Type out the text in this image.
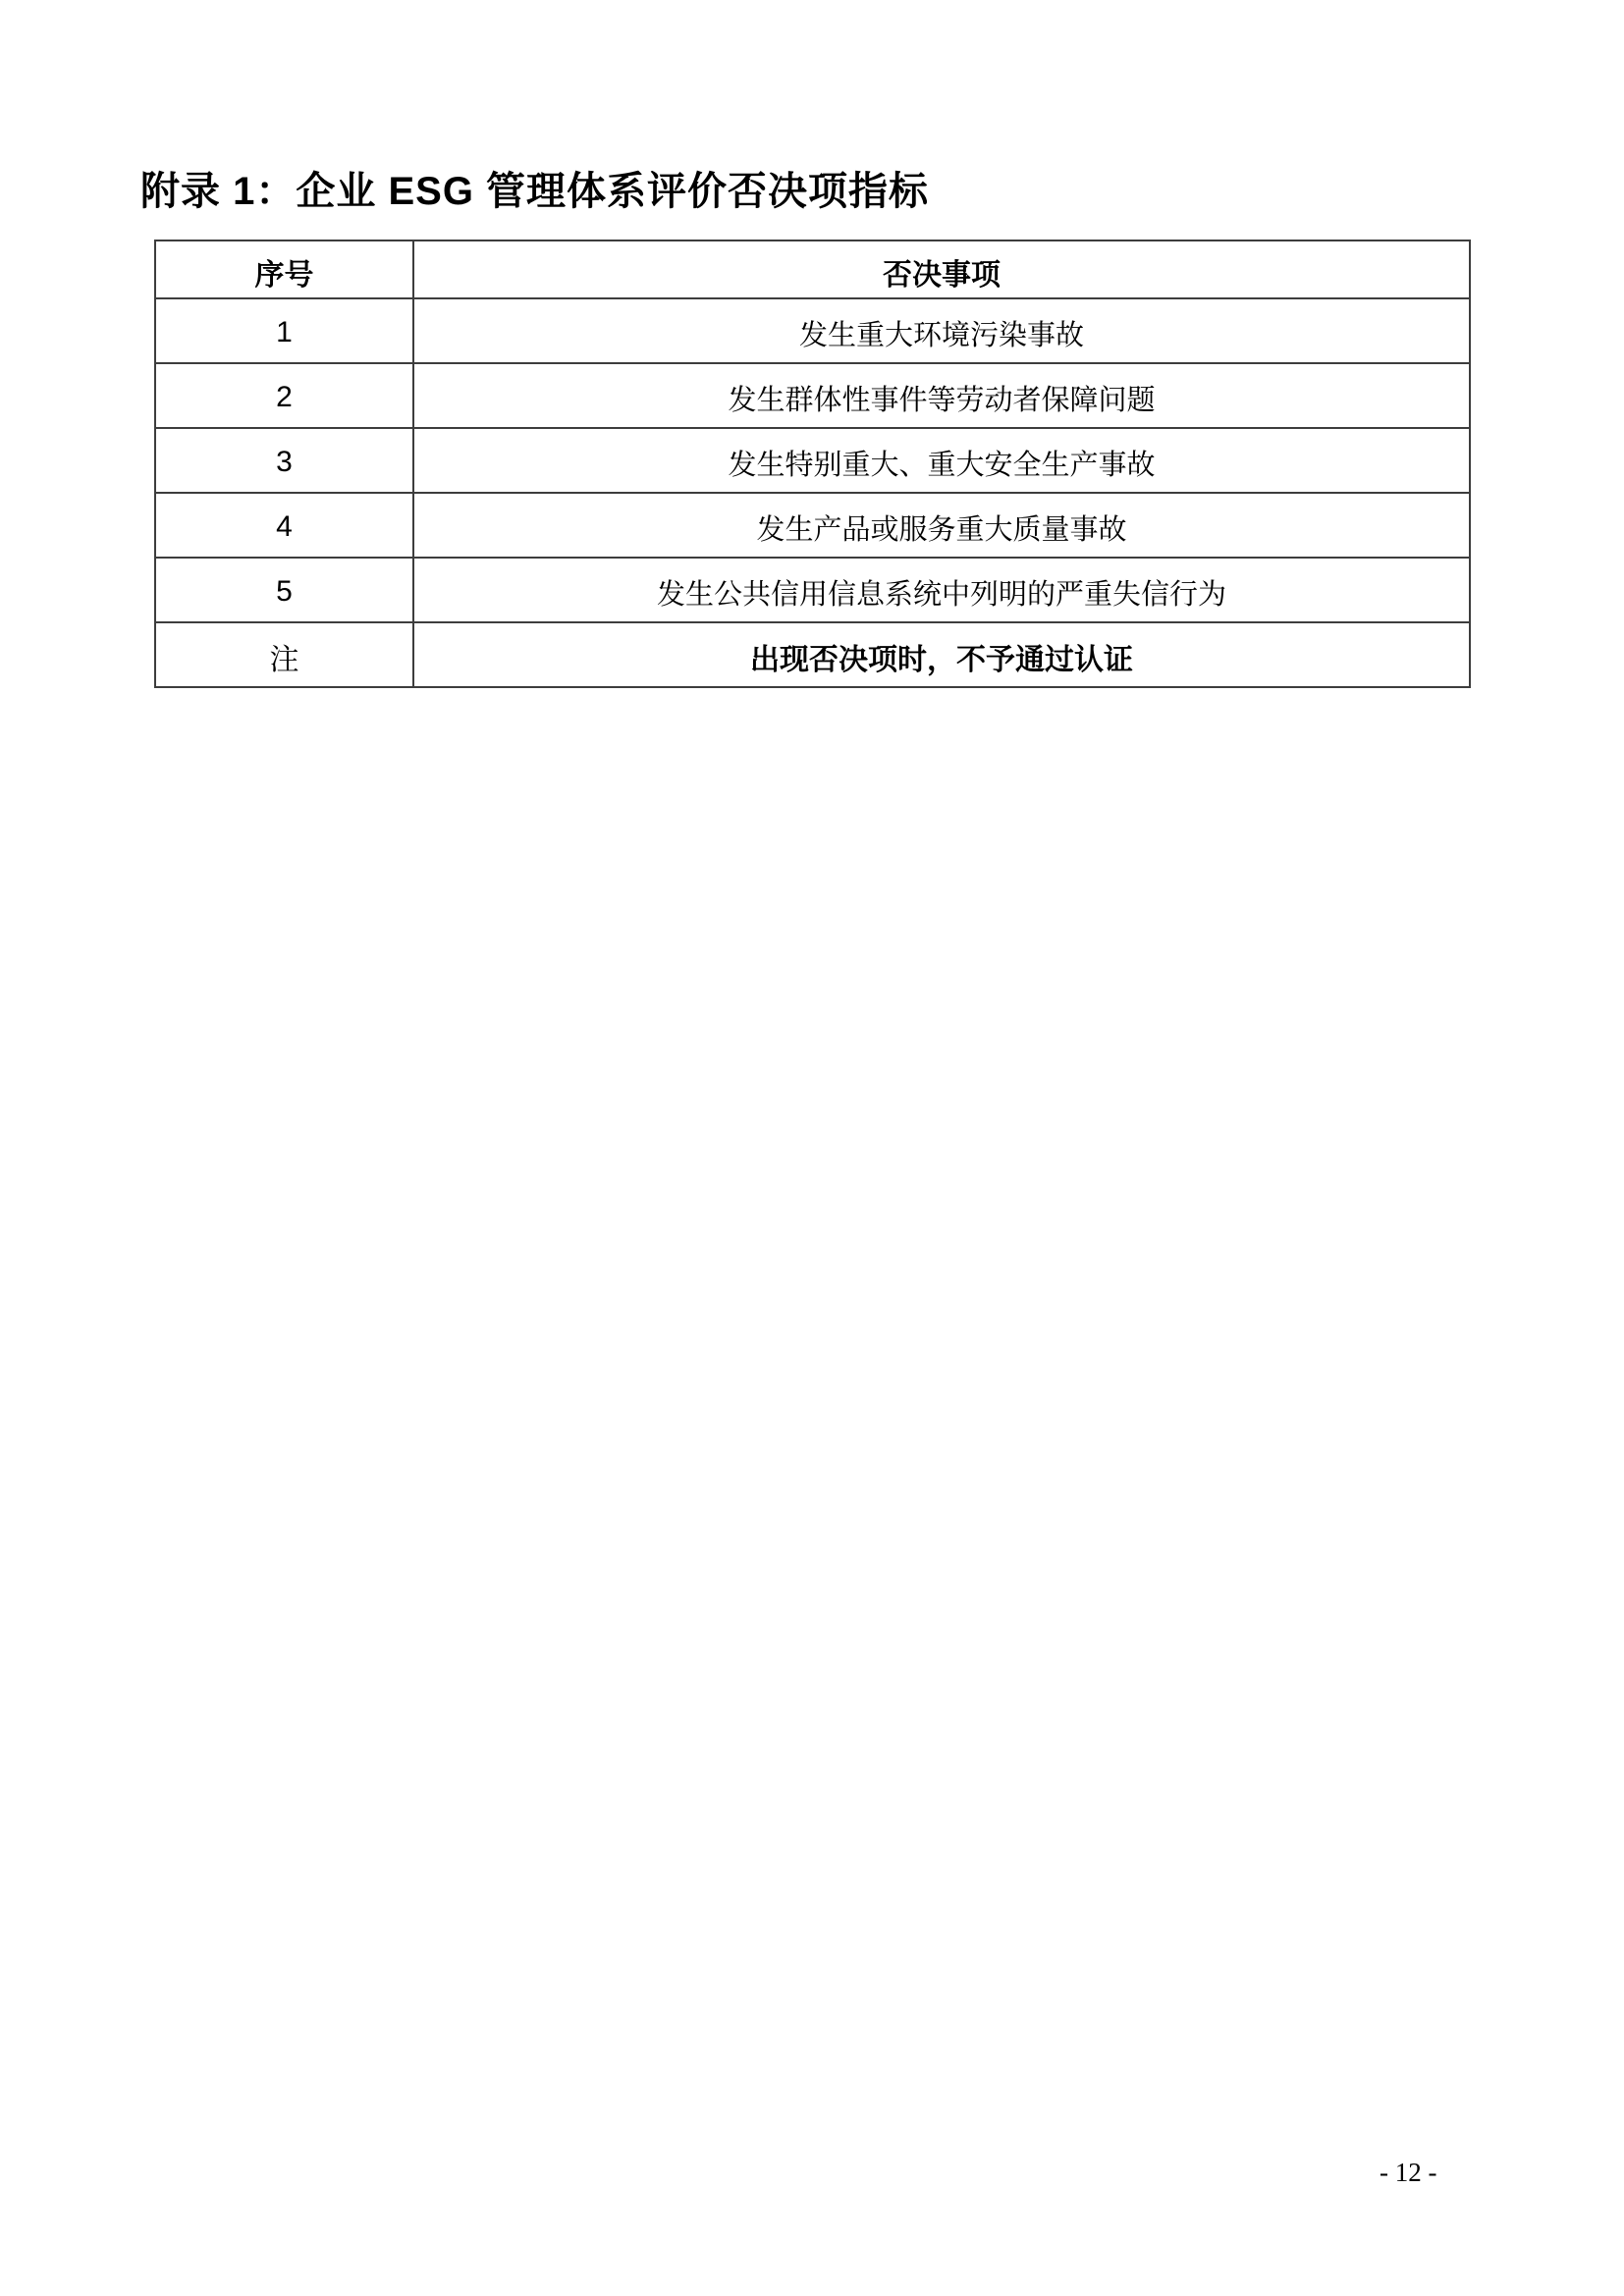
附录 1：企业 ESG 管理体系评价否决项指标
序号	否决事项
1	发生重大环境污染事故
2	发生群体性事件等劳动者保障问题
3	发生特别重大、重大安全生产事故
4	发生产品或服务重大质量事故
5	发生公共信用信息系统中列明的严重失信行为
注	出现否决项时，不予通过认证
- 12 -
